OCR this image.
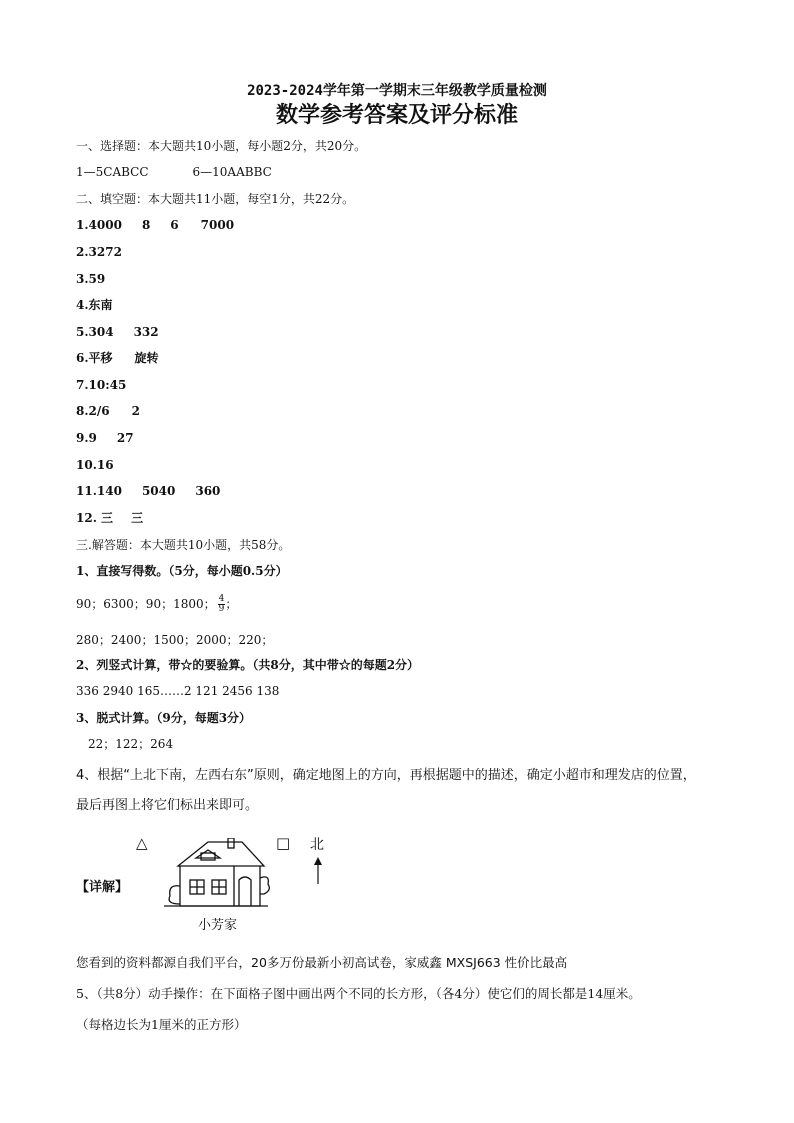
2023-2024学年第一学期末三年级教学质量检测
数学参考答案及评分标准
一、选择题：本大题共10小题，每小题2分，共20分。
1—5CABCC	6—10AABBC
二、填空题：本大题共11小题，每空1分，共22分。
1.4000 8 6 7000
2.3272
3.59
4.东南
5.304 332
6.平移 旋转
7.10:45
8.2/6 2
9.9 27
10.16
11.140 5040 360
12. 三 三
三.解答题：本大题共10小题，共58分。
1、直接写得数。（5分，每小题0.5分）
90；6300；90；1800； $\frac{4}{9}$ ；
280；2400；1500；2000；220；
2、列竖式计算，带☆的要验算。（共8分，其中带☆的每题2分）
336 2940 165……2 121 2456 138
3、脱式计算。（9分，每题3分）
22；122；264
4、根据“上北下南，左西右东”原则，确定地图上的方向，再根据题中的描述，确定小超市和理发店的位置，
最后再图上将它们标出来即可。
【详解】
△
小芳家
□ 北
您看到的资料都源自我们平台，20多万份最新小初高试卷，家威鑫 MXSJ663 性价比最高
5、（共8分）动手操作：在下面格子图中画出两个不同的长方形，（各4分）使它们的周长都是14厘米。
（每格边长为1厘米的正方形）
